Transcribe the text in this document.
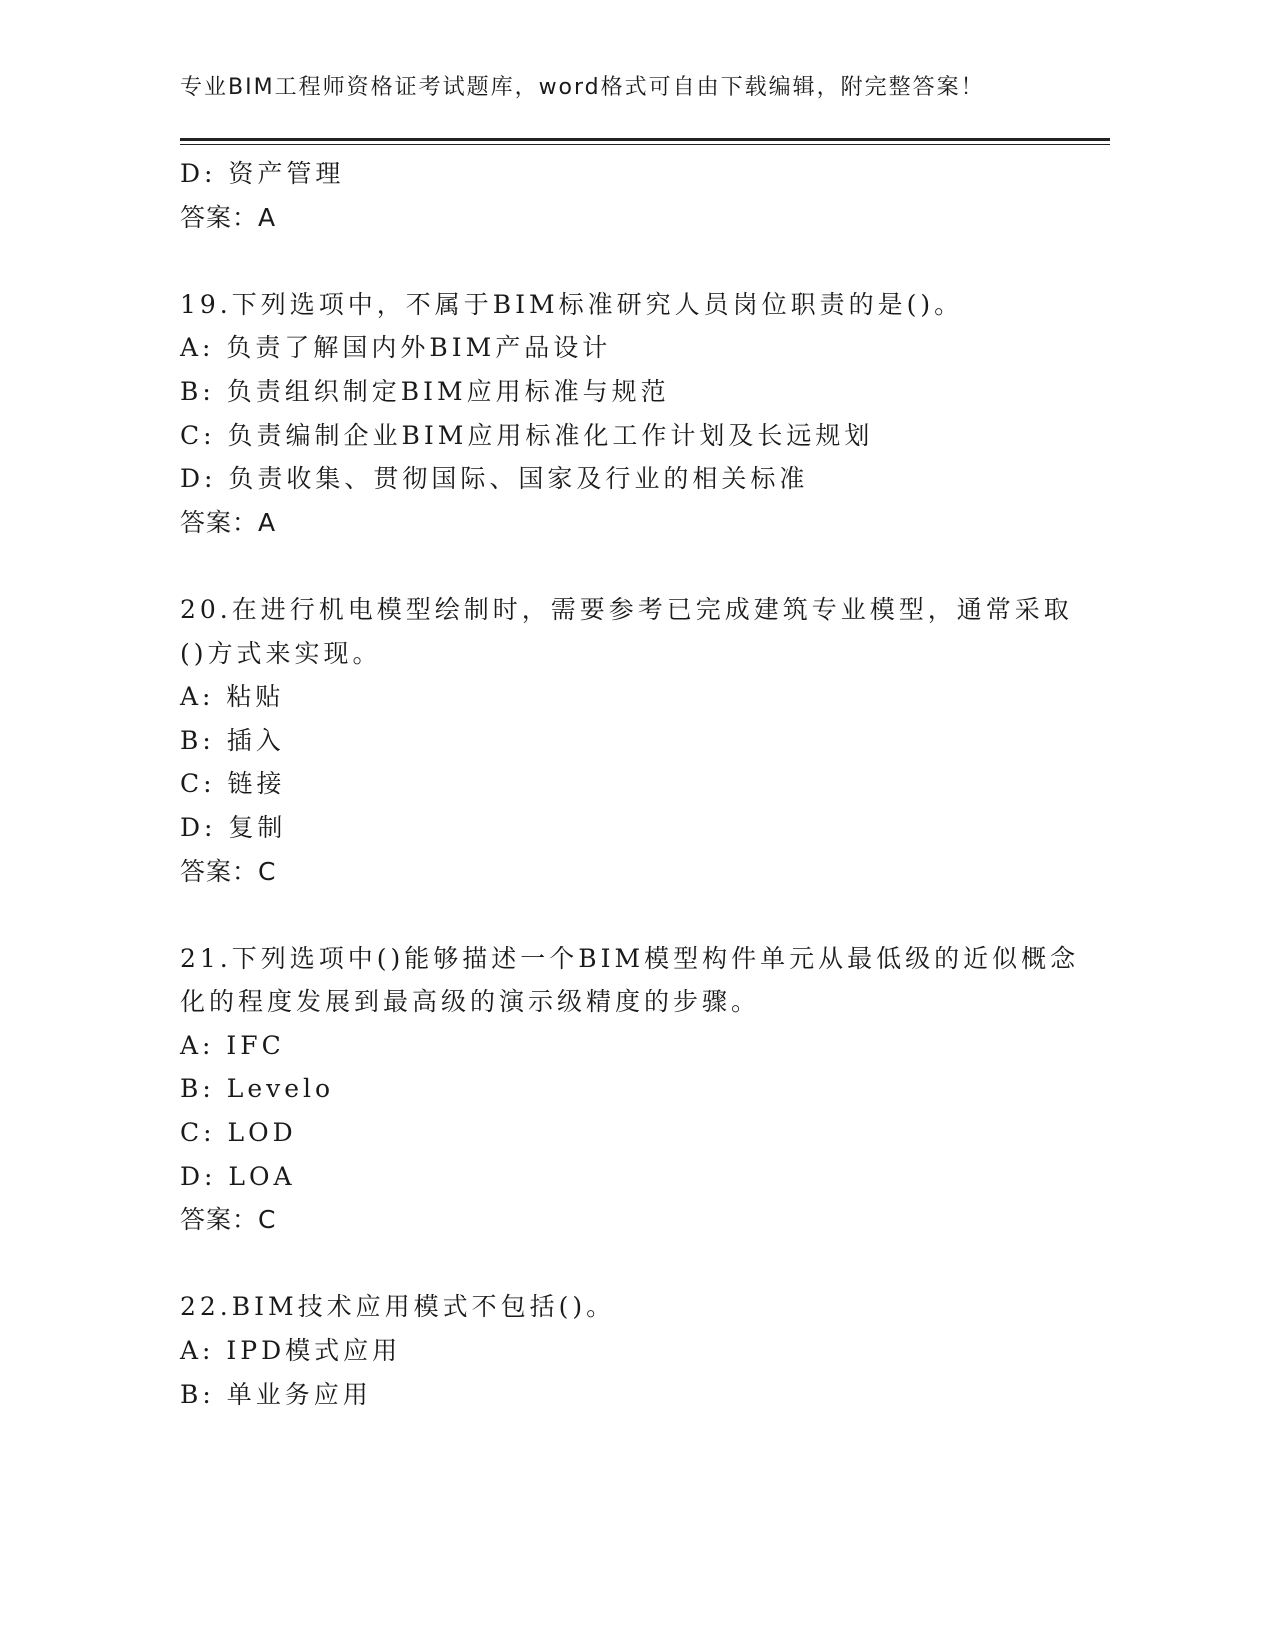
专业BIM工程师资格证考试题库，word格式可自由下载编辑，附完整答案！
D: 资产管理
答案：A
19.下列选项中，不属于BIM标准研究人员岗位职责的是()。
A: 负责了解国内外BIM产品设计
B: 负责组织制定BIM应用标准与规范
C: 负责编制企业BIM应用标准化工作计划及长远规划
D: 负责收集、贯彻国际、国家及行业的相关标准
答案：A
20.在进行机电模型绘制时，需要参考已完成建筑专业模型，通常采取
()方式来实现。
A: 粘贴
B: 插入
C: 链接
D: 复制
答案：C
21.下列选项中()能够描述一个BIM模型构件单元从最低级的近似概念
化的程度发展到最高级的演示级精度的步骤。
A: IFC
B: Levelo
C: LOD
D: LOA
答案：C
22.BIM技术应用模式不包括()。
A: IPD模式应用
B: 单业务应用
